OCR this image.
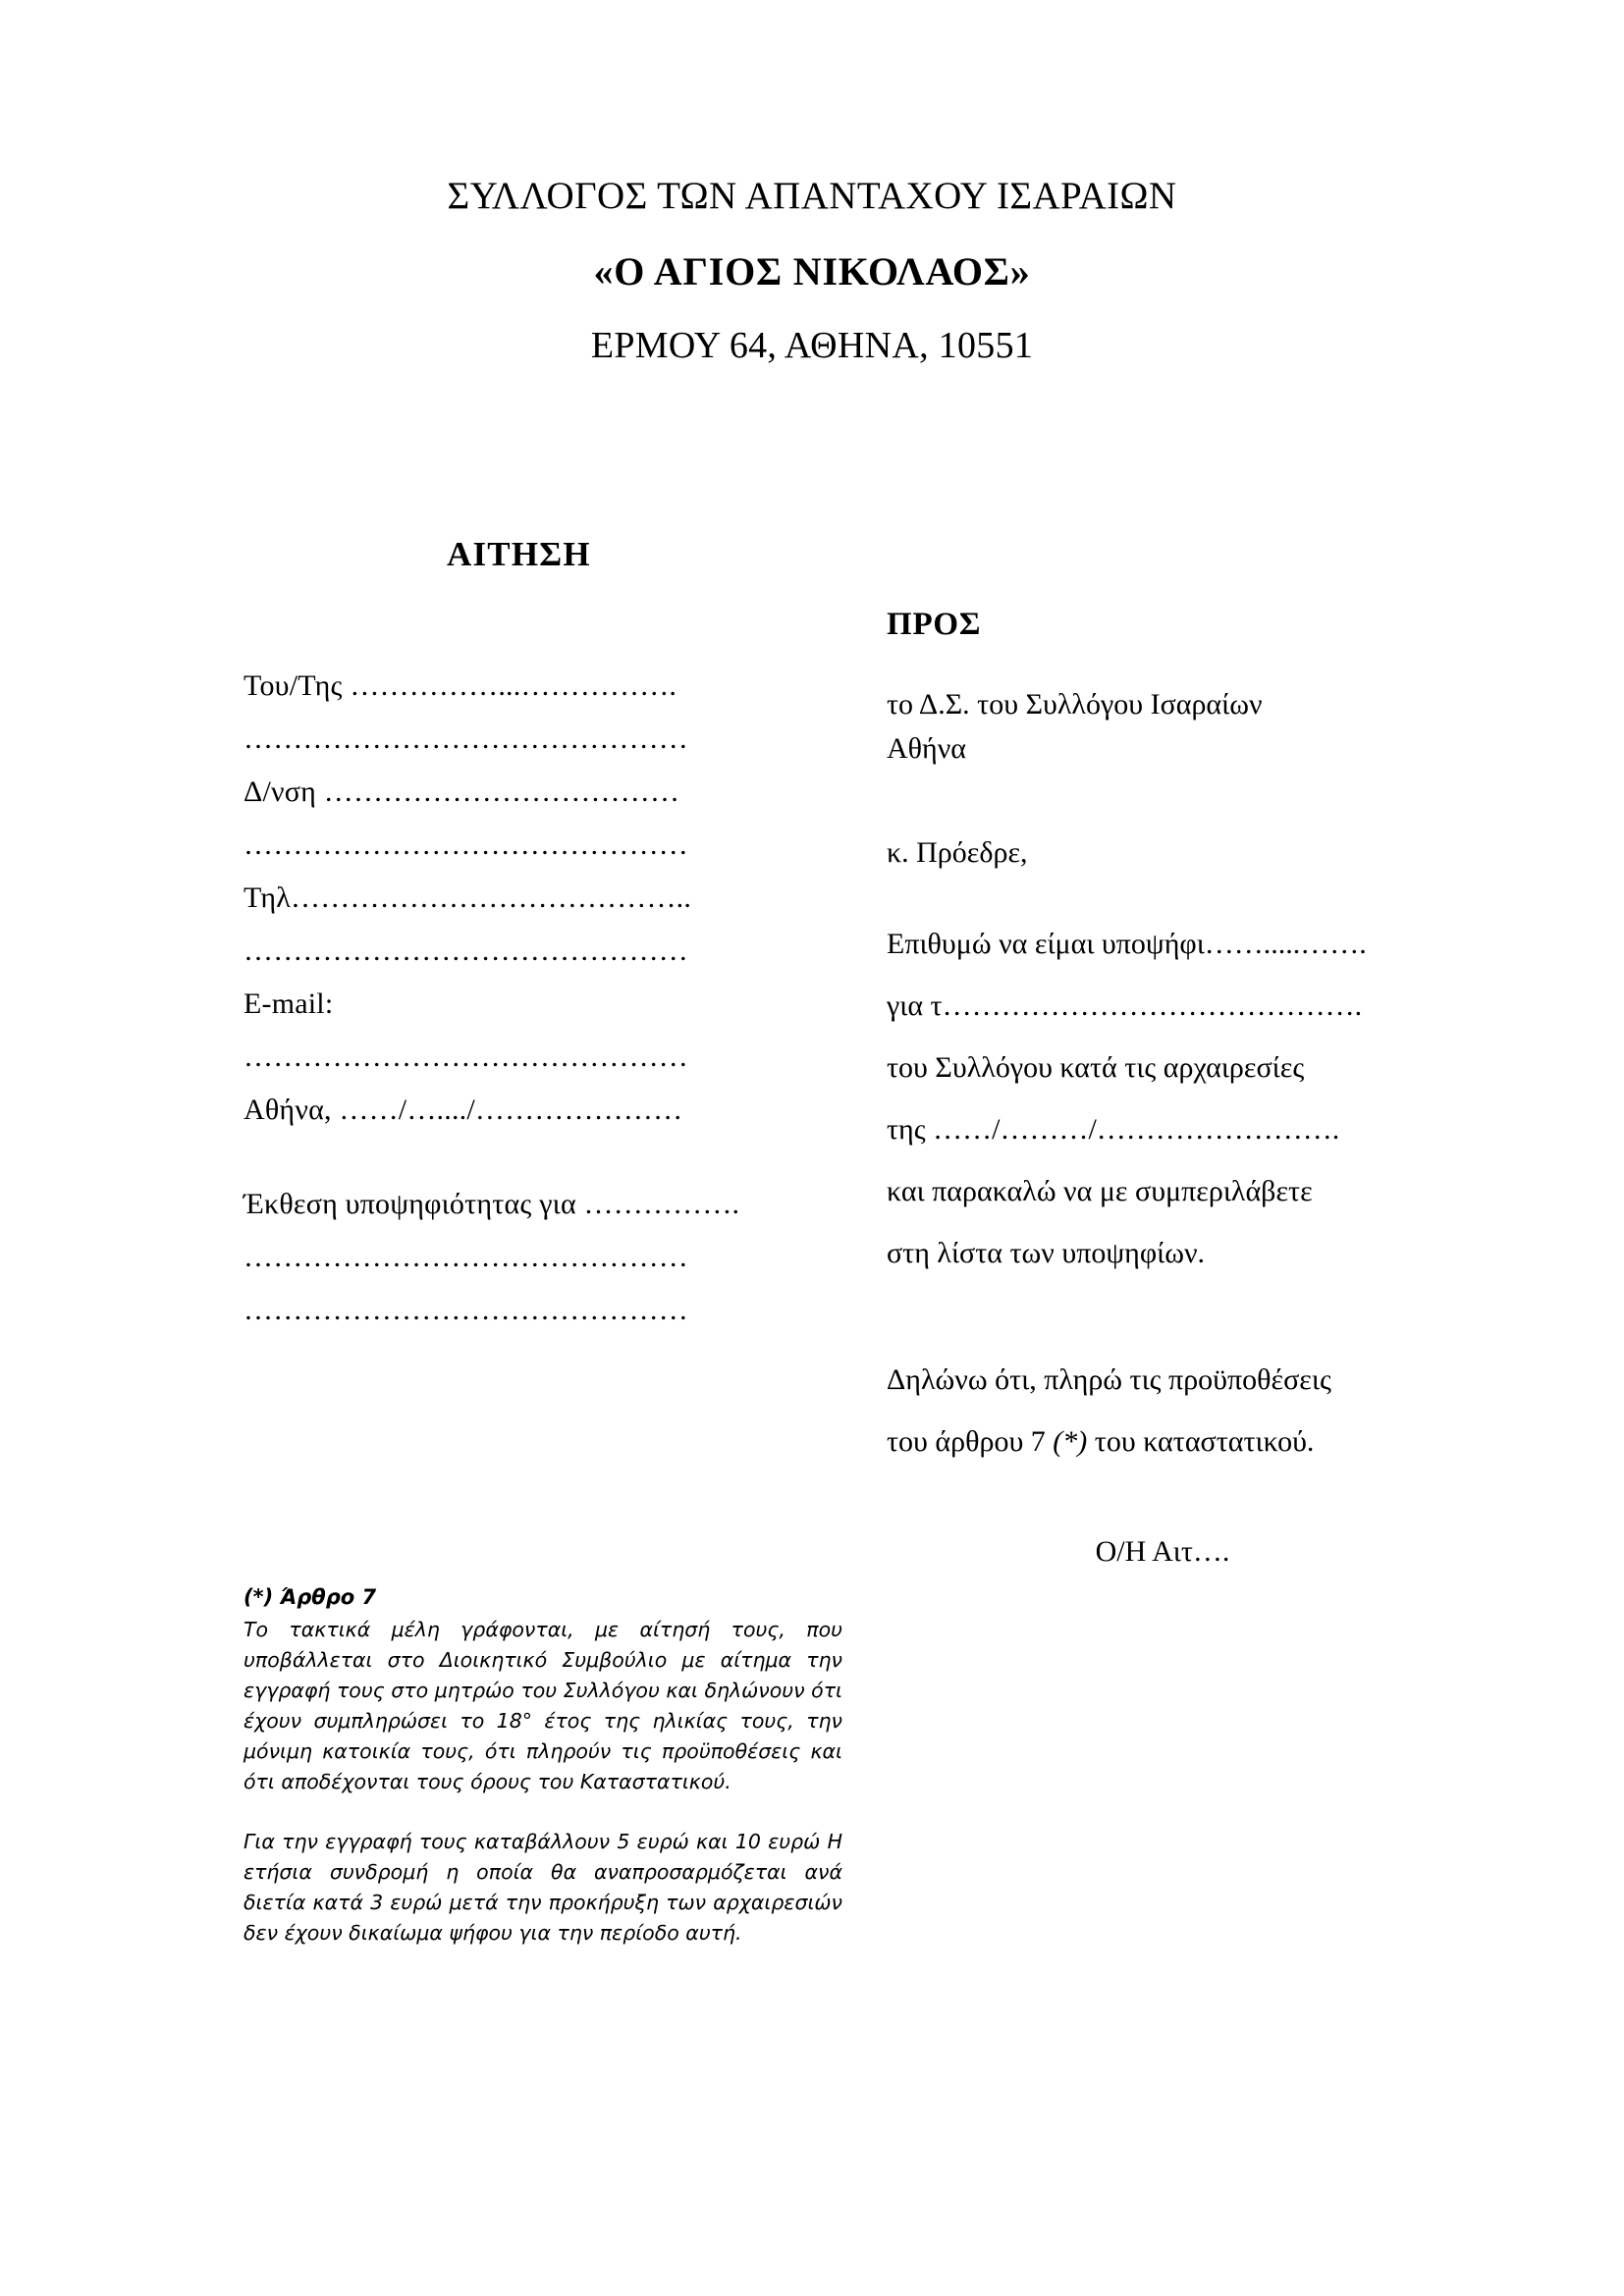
ΣΥΛΛΟΓΟΣ ΤΩΝ ΑΠΑΝΤΑΧΟΥ ΙΣΑΡΑΙΩΝ
«Ο ΑΓΙΟΣ ΝΙΚΟΛΑΟΣ»
ΕΡΜΟΥ 64, ΑΘΗΝΑ, 10551
ΑΙΤΗΣΗ
Του/Της ……………...…………….
………………………………………
Δ/νση ………………………………
………………………………………
Τηλ…………………………………..
………………………………………
E-mail:
………………………………………
Αθήνα, ……/…..../…………………
Έκθεση υποψηφιότητας για …………….
………………………………………
………………………………………
ΠΡΟΣ
το Δ.Σ. του Συλλόγου Ισαραίων
Αθήνα
κ. Πρόεδρε,
Επιθυμώ να είμαι υποψήφι…….....…….
για τ…………………………………….
του Συλλόγου κατά τις αρχαιρεσίες
της ……/………/…………………….
και παρακαλώ να με συμπεριλάβετε
στη λίστα των υποψηφίων.
Δηλώνω ότι, πληρώ τις προϋποθέσεις
του άρθρου 7 (*) του καταστατικού.
Ο/Η Αιτ….
(*) Άρθρο 7

Το τακτικά μέλη γράφονται, με αίτησή τους, που υποβάλλεται στο Διοικητικό Συμβούλιο με αίτημα την εγγραφή τους στο μητρώο του Συλλόγου και δηλώνουν ότι έχουν συμπληρώσει το 18° έτος της ηλικίας τους, την μόνιμη κατοικία τους, ότι πληρούν τις προϋποθέσεις και ότι αποδέχονται τους όρους του Καταστατικού.

Για την εγγραφή τους καταβάλλουν 5 ευρώ και 10 ευρώ Η ετήσια συνδρομή η οποία θα αναπροσαρμόζεται ανά διετία κατά 3 ευρώ μετά την προκήρυξη των αρχαιρεσιών δεν έχουν δικαίωμα ψήφου για την περίοδο αυτή.
